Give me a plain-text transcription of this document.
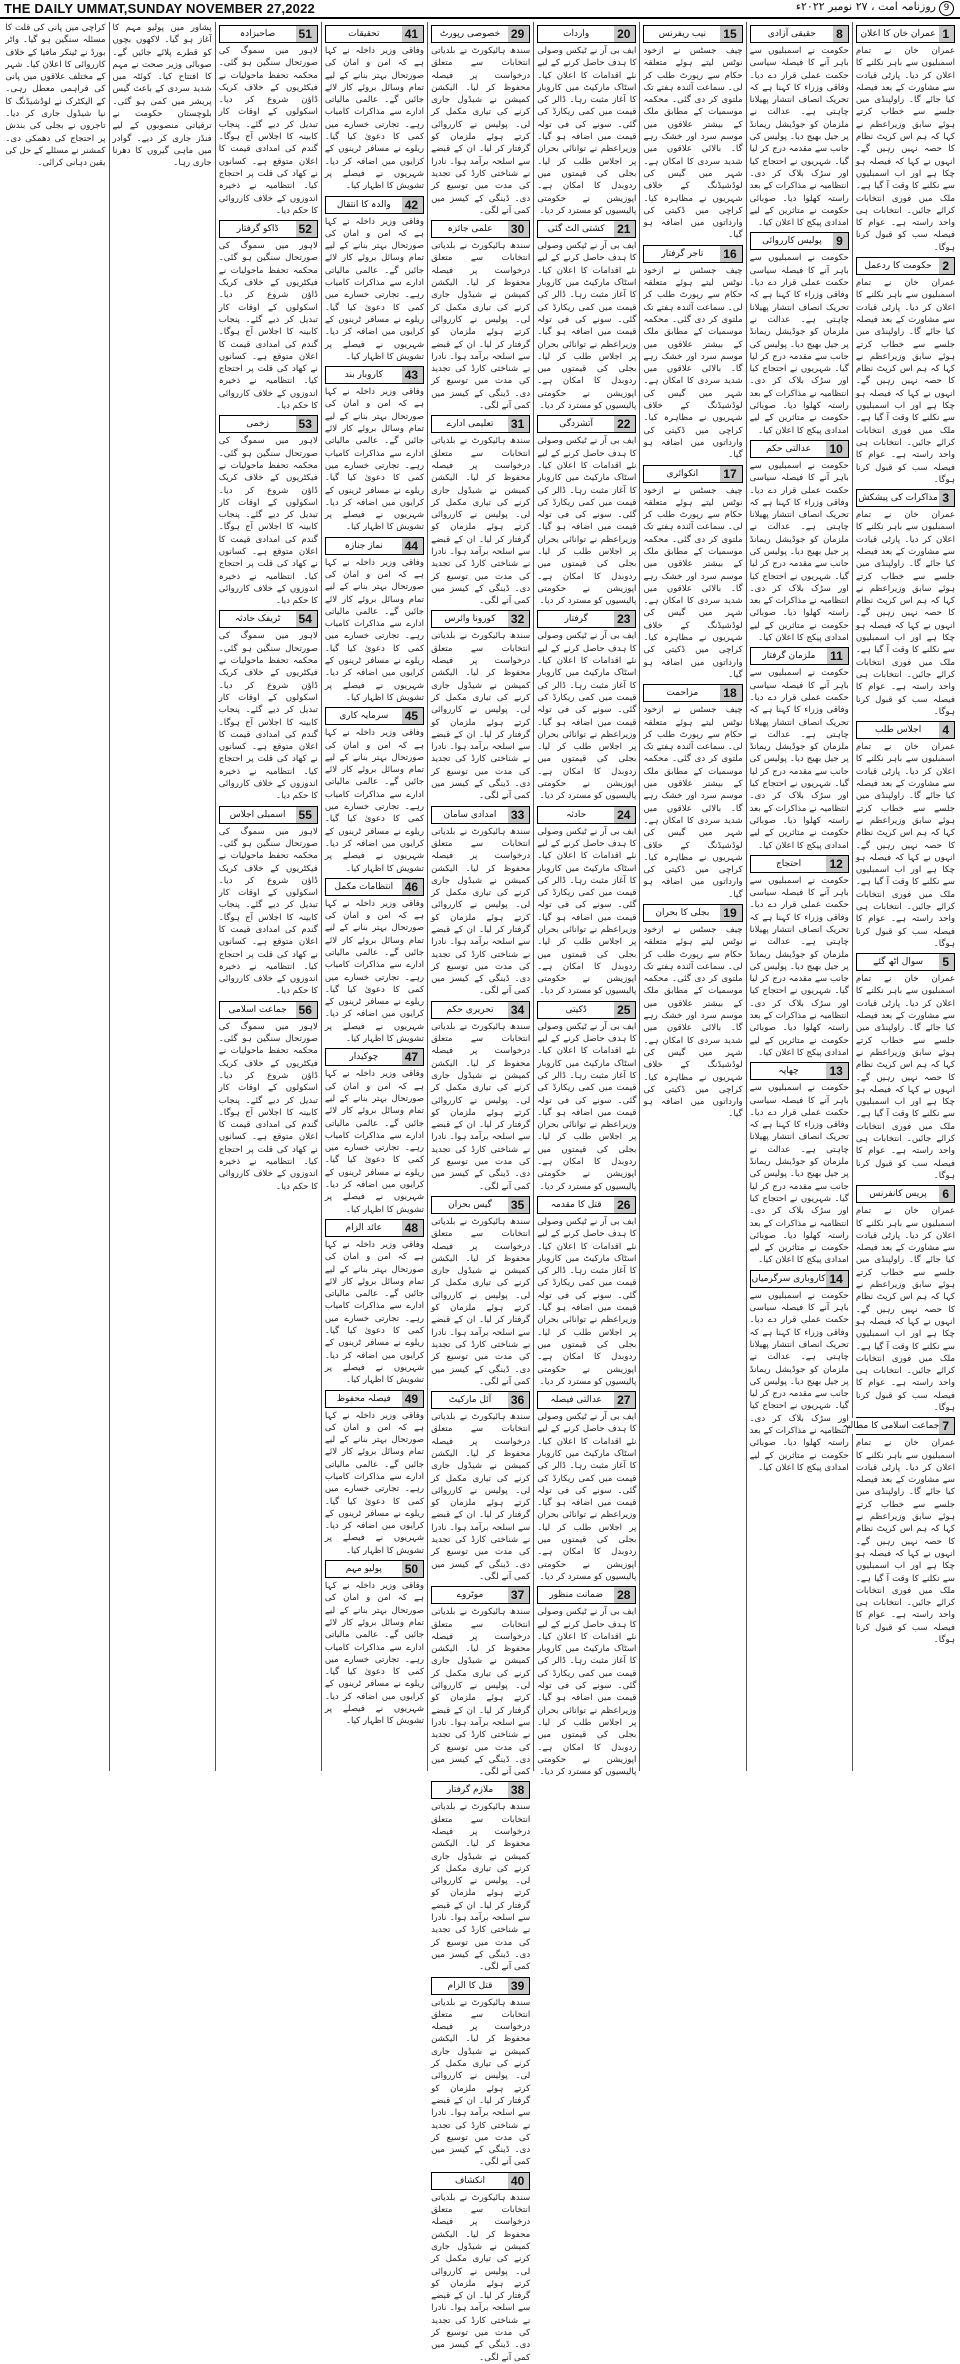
THE DAILY UMMAT,SUNDAY NOVEMBER 27,2022	9روزنامہ امت ، ۲۷ نومبر ۲۰۲۲ء
1
عمران خان کا اعلان
عمران خان نے تمام اسمبلیوں سے باہر نکلنے کا اعلان کر دیا۔ پارٹی قیادت سے مشاورت کے بعد فیصلہ کیا جائے گا۔ راولپنڈی میں جلسے سے خطاب کرتے ہوئے سابق وزیراعظم نے کہا کہ ہم اس کرپٹ نظام کا حصہ نہیں رہیں گے۔ انہوں نے کہا کہ فیصلہ ہو چکا ہے اور اب اسمبلیوں سے نکلنے کا وقت آ گیا ہے۔ ملک میں فوری انتخابات کرائے جائیں۔ انتخابات ہی واحد راستہ ہے۔ عوام کا فیصلہ سب کو قبول کرنا ہوگا۔
2
حکومت کا ردعمل
عمران خان نے تمام اسمبلیوں سے باہر نکلنے کا اعلان کر دیا۔ پارٹی قیادت سے مشاورت کے بعد فیصلہ کیا جائے گا۔ راولپنڈی میں جلسے سے خطاب کرتے ہوئے سابق وزیراعظم نے کہا کہ ہم اس کرپٹ نظام کا حصہ نہیں رہیں گے۔ انہوں نے کہا کہ فیصلہ ہو چکا ہے اور اب اسمبلیوں سے نکلنے کا وقت آ گیا ہے۔ ملک میں فوری انتخابات کرائے جائیں۔ انتخابات ہی واحد راستہ ہے۔ عوام کا فیصلہ سب کو قبول کرنا ہوگا۔
3
مذاکرات کی پیشکش
عمران خان نے تمام اسمبلیوں سے باہر نکلنے کا اعلان کر دیا۔ پارٹی قیادت سے مشاورت کے بعد فیصلہ کیا جائے گا۔ راولپنڈی میں جلسے سے خطاب کرتے ہوئے سابق وزیراعظم نے کہا کہ ہم اس کرپٹ نظام کا حصہ نہیں رہیں گے۔ انہوں نے کہا کہ فیصلہ ہو چکا ہے اور اب اسمبلیوں سے نکلنے کا وقت آ گیا ہے۔ ملک میں فوری انتخابات کرائے جائیں۔ انتخابات ہی واحد راستہ ہے۔ عوام کا فیصلہ سب کو قبول کرنا ہوگا۔
4
اجلاس طلب
عمران خان نے تمام اسمبلیوں سے باہر نکلنے کا اعلان کر دیا۔ پارٹی قیادت سے مشاورت کے بعد فیصلہ کیا جائے گا۔ راولپنڈی میں جلسے سے خطاب کرتے ہوئے سابق وزیراعظم نے کہا کہ ہم اس کرپٹ نظام کا حصہ نہیں رہیں گے۔ انہوں نے کہا کہ فیصلہ ہو چکا ہے اور اب اسمبلیوں سے نکلنے کا وقت آ گیا ہے۔ ملک میں فوری انتخابات کرائے جائیں۔ انتخابات ہی واحد راستہ ہے۔ عوام کا فیصلہ سب کو قبول کرنا ہوگا۔
5
سوال اٹھ گئے
عمران خان نے تمام اسمبلیوں سے باہر نکلنے کا اعلان کر دیا۔ پارٹی قیادت سے مشاورت کے بعد فیصلہ کیا جائے گا۔ راولپنڈی میں جلسے سے خطاب کرتے ہوئے سابق وزیراعظم نے کہا کہ ہم اس کرپٹ نظام کا حصہ نہیں رہیں گے۔ انہوں نے کہا کہ فیصلہ ہو چکا ہے اور اب اسمبلیوں سے نکلنے کا وقت آ گیا ہے۔ ملک میں فوری انتخابات کرائے جائیں۔ انتخابات ہی واحد راستہ ہے۔ عوام کا فیصلہ سب کو قبول کرنا ہوگا۔
6
پریس کانفرنس
عمران خان نے تمام اسمبلیوں سے باہر نکلنے کا اعلان کر دیا۔ پارٹی قیادت سے مشاورت کے بعد فیصلہ کیا جائے گا۔ راولپنڈی میں جلسے سے خطاب کرتے ہوئے سابق وزیراعظم نے کہا کہ ہم اس کرپٹ نظام کا حصہ نہیں رہیں گے۔ انہوں نے کہا کہ فیصلہ ہو چکا ہے اور اب اسمبلیوں سے نکلنے کا وقت آ گیا ہے۔ ملک میں فوری انتخابات کرائے جائیں۔ انتخابات ہی واحد راستہ ہے۔ عوام کا فیصلہ سب کو قبول کرنا ہوگا۔
7
جماعت اسلامی کا مطالبہ
عمران خان نے تمام اسمبلیوں سے باہر نکلنے کا اعلان کر دیا۔ پارٹی قیادت سے مشاورت کے بعد فیصلہ کیا جائے گا۔ راولپنڈی میں جلسے سے خطاب کرتے ہوئے سابق وزیراعظم نے کہا کہ ہم اس کرپٹ نظام کا حصہ نہیں رہیں گے۔ انہوں نے کہا کہ فیصلہ ہو چکا ہے اور اب اسمبلیوں سے نکلنے کا وقت آ گیا ہے۔ ملک میں فوری انتخابات کرائے جائیں۔ انتخابات ہی واحد راستہ ہے۔ عوام کا فیصلہ سب کو قبول کرنا ہوگا۔
8
حقیقی آزادی
حکومت نے اسمبلیوں سے باہر آنے کا فیصلہ سیاسی حکمت عملی قرار دے دیا۔ وفاقی وزراء کا کہنا ہے کہ تحریک انصاف انتشار پھیلانا چاہتی ہے۔ عدالت نے ملزمان کو جوڈیشل ریمانڈ پر جیل بھیج دیا۔ پولیس کی جانب سے مقدمہ درج کر لیا گیا۔ شہریوں نے احتجاج کیا اور سڑک بلاک کر دی۔ انتظامیہ نے مذاکرات کے بعد راستہ کھلوا دیا۔ صوبائی حکومت نے متاثرین کے لیے امدادی پیکج کا اعلان کیا۔
9
پولیس کارروائی
حکومت نے اسمبلیوں سے باہر آنے کا فیصلہ سیاسی حکمت عملی قرار دے دیا۔ وفاقی وزراء کا کہنا ہے کہ تحریک انصاف انتشار پھیلانا چاہتی ہے۔ عدالت نے ملزمان کو جوڈیشل ریمانڈ پر جیل بھیج دیا۔ پولیس کی جانب سے مقدمہ درج کر لیا گیا۔ شہریوں نے احتجاج کیا اور سڑک بلاک کر دی۔ انتظامیہ نے مذاکرات کے بعد راستہ کھلوا دیا۔ صوبائی حکومت نے متاثرین کے لیے امدادی پیکج کا اعلان کیا۔
10
عدالتی حکم
حکومت نے اسمبلیوں سے باہر آنے کا فیصلہ سیاسی حکمت عملی قرار دے دیا۔ وفاقی وزراء کا کہنا ہے کہ تحریک انصاف انتشار پھیلانا چاہتی ہے۔ عدالت نے ملزمان کو جوڈیشل ریمانڈ پر جیل بھیج دیا۔ پولیس کی جانب سے مقدمہ درج کر لیا گیا۔ شہریوں نے احتجاج کیا اور سڑک بلاک کر دی۔ انتظامیہ نے مذاکرات کے بعد راستہ کھلوا دیا۔ صوبائی حکومت نے متاثرین کے لیے امدادی پیکج کا اعلان کیا۔
11
ملزمان گرفتار
حکومت نے اسمبلیوں سے باہر آنے کا فیصلہ سیاسی حکمت عملی قرار دے دیا۔ وفاقی وزراء کا کہنا ہے کہ تحریک انصاف انتشار پھیلانا چاہتی ہے۔ عدالت نے ملزمان کو جوڈیشل ریمانڈ پر جیل بھیج دیا۔ پولیس کی جانب سے مقدمہ درج کر لیا گیا۔ شہریوں نے احتجاج کیا اور سڑک بلاک کر دی۔ انتظامیہ نے مذاکرات کے بعد راستہ کھلوا دیا۔ صوبائی حکومت نے متاثرین کے لیے امدادی پیکج کا اعلان کیا۔
12
احتجاج
حکومت نے اسمبلیوں سے باہر آنے کا فیصلہ سیاسی حکمت عملی قرار دے دیا۔ وفاقی وزراء کا کہنا ہے کہ تحریک انصاف انتشار پھیلانا چاہتی ہے۔ عدالت نے ملزمان کو جوڈیشل ریمانڈ پر جیل بھیج دیا۔ پولیس کی جانب سے مقدمہ درج کر لیا گیا۔ شہریوں نے احتجاج کیا اور سڑک بلاک کر دی۔ انتظامیہ نے مذاکرات کے بعد راستہ کھلوا دیا۔ صوبائی حکومت نے متاثرین کے لیے امدادی پیکج کا اعلان کیا۔
13
چھاپہ
حکومت نے اسمبلیوں سے باہر آنے کا فیصلہ سیاسی حکمت عملی قرار دے دیا۔ وفاقی وزراء کا کہنا ہے کہ تحریک انصاف انتشار پھیلانا چاہتی ہے۔ عدالت نے ملزمان کو جوڈیشل ریمانڈ پر جیل بھیج دیا۔ پولیس کی جانب سے مقدمہ درج کر لیا گیا۔ شہریوں نے احتجاج کیا اور سڑک بلاک کر دی۔ انتظامیہ نے مذاکرات کے بعد راستہ کھلوا دیا۔ صوبائی حکومت نے متاثرین کے لیے امدادی پیکج کا اعلان کیا۔
14
کاروباری سرگرمیاں
حکومت نے اسمبلیوں سے باہر آنے کا فیصلہ سیاسی حکمت عملی قرار دے دیا۔ وفاقی وزراء کا کہنا ہے کہ تحریک انصاف انتشار پھیلانا چاہتی ہے۔ عدالت نے ملزمان کو جوڈیشل ریمانڈ پر جیل بھیج دیا۔ پولیس کی جانب سے مقدمہ درج کر لیا گیا۔ شہریوں نے احتجاج کیا اور سڑک بلاک کر دی۔ انتظامیہ نے مذاکرات کے بعد راستہ کھلوا دیا۔ صوبائی حکومت نے متاثرین کے لیے امدادی پیکج کا اعلان کیا۔
15
نیب ریفرنس
چیف جسٹس نے ازخود نوٹس لیتے ہوئے متعلقہ حکام سے رپورٹ طلب کر لی۔ سماعت آئندہ ہفتے تک ملتوی کر دی گئی۔ محکمہ موسمیات کے مطابق ملک کے بیشتر علاقوں میں موسم سرد اور خشک رہے گا۔ بالائی علاقوں میں شدید سردی کا امکان ہے۔ شہر میں گیس کی لوڈشیڈنگ کے خلاف شہریوں نے مظاہرہ کیا۔ کراچی میں ڈکیتی کی وارداتوں میں اضافہ ہو گیا۔
16
تاجر گرفتار
چیف جسٹس نے ازخود نوٹس لیتے ہوئے متعلقہ حکام سے رپورٹ طلب کر لی۔ سماعت آئندہ ہفتے تک ملتوی کر دی گئی۔ محکمہ موسمیات کے مطابق ملک کے بیشتر علاقوں میں موسم سرد اور خشک رہے گا۔ بالائی علاقوں میں شدید سردی کا امکان ہے۔ شہر میں گیس کی لوڈشیڈنگ کے خلاف شہریوں نے مظاہرہ کیا۔ کراچی میں ڈکیتی کی وارداتوں میں اضافہ ہو گیا۔
17
انکوائری
چیف جسٹس نے ازخود نوٹس لیتے ہوئے متعلقہ حکام سے رپورٹ طلب کر لی۔ سماعت آئندہ ہفتے تک ملتوی کر دی گئی۔ محکمہ موسمیات کے مطابق ملک کے بیشتر علاقوں میں موسم سرد اور خشک رہے گا۔ بالائی علاقوں میں شدید سردی کا امکان ہے۔ شہر میں گیس کی لوڈشیڈنگ کے خلاف شہریوں نے مظاہرہ کیا۔ کراچی میں ڈکیتی کی وارداتوں میں اضافہ ہو گیا۔
18
مزاحمت
چیف جسٹس نے ازخود نوٹس لیتے ہوئے متعلقہ حکام سے رپورٹ طلب کر لی۔ سماعت آئندہ ہفتے تک ملتوی کر دی گئی۔ محکمہ موسمیات کے مطابق ملک کے بیشتر علاقوں میں موسم سرد اور خشک رہے گا۔ بالائی علاقوں میں شدید سردی کا امکان ہے۔ شہر میں گیس کی لوڈشیڈنگ کے خلاف شہریوں نے مظاہرہ کیا۔ کراچی میں ڈکیتی کی وارداتوں میں اضافہ ہو گیا۔
19
بجلی کا بحران
چیف جسٹس نے ازخود نوٹس لیتے ہوئے متعلقہ حکام سے رپورٹ طلب کر لی۔ سماعت آئندہ ہفتے تک ملتوی کر دی گئی۔ محکمہ موسمیات کے مطابق ملک کے بیشتر علاقوں میں موسم سرد اور خشک رہے گا۔ بالائی علاقوں میں شدید سردی کا امکان ہے۔ شہر میں گیس کی لوڈشیڈنگ کے خلاف شہریوں نے مظاہرہ کیا۔ کراچی میں ڈکیتی کی وارداتوں میں اضافہ ہو گیا۔
20
واردات
ایف بی آر نے ٹیکس وصولی کا ہدف حاصل کرنے کے لیے نئے اقدامات کا اعلان کیا۔ اسٹاک مارکیٹ میں کاروبار کا آغاز مثبت رہا۔ ڈالر کی قیمت میں کمی ریکارڈ کی گئی۔ سونے کی فی تولہ قیمت میں اضافہ ہو گیا۔ وزیراعظم نے توانائی بحران پر اجلاس طلب کر لیا۔ بجلی کی قیمتوں میں ردوبدل کا امکان ہے۔ اپوزیشن نے حکومتی پالیسیوں کو مسترد کر دیا۔
21
کشتی الٹ گئی
ایف بی آر نے ٹیکس وصولی کا ہدف حاصل کرنے کے لیے نئے اقدامات کا اعلان کیا۔ اسٹاک مارکیٹ میں کاروبار کا آغاز مثبت رہا۔ ڈالر کی قیمت میں کمی ریکارڈ کی گئی۔ سونے کی فی تولہ قیمت میں اضافہ ہو گیا۔ وزیراعظم نے توانائی بحران پر اجلاس طلب کر لیا۔ بجلی کی قیمتوں میں ردوبدل کا امکان ہے۔ اپوزیشن نے حکومتی پالیسیوں کو مسترد کر دیا۔
22
آتشزدگی
ایف بی آر نے ٹیکس وصولی کا ہدف حاصل کرنے کے لیے نئے اقدامات کا اعلان کیا۔ اسٹاک مارکیٹ میں کاروبار کا آغاز مثبت رہا۔ ڈالر کی قیمت میں کمی ریکارڈ کی گئی۔ سونے کی فی تولہ قیمت میں اضافہ ہو گیا۔ وزیراعظم نے توانائی بحران پر اجلاس طلب کر لیا۔ بجلی کی قیمتوں میں ردوبدل کا امکان ہے۔ اپوزیشن نے حکومتی پالیسیوں کو مسترد کر دیا۔
23
گرفتار
ایف بی آر نے ٹیکس وصولی کا ہدف حاصل کرنے کے لیے نئے اقدامات کا اعلان کیا۔ اسٹاک مارکیٹ میں کاروبار کا آغاز مثبت رہا۔ ڈالر کی قیمت میں کمی ریکارڈ کی گئی۔ سونے کی فی تولہ قیمت میں اضافہ ہو گیا۔ وزیراعظم نے توانائی بحران پر اجلاس طلب کر لیا۔ بجلی کی قیمتوں میں ردوبدل کا امکان ہے۔ اپوزیشن نے حکومتی پالیسیوں کو مسترد کر دیا۔
24
حادثہ
ایف بی آر نے ٹیکس وصولی کا ہدف حاصل کرنے کے لیے نئے اقدامات کا اعلان کیا۔ اسٹاک مارکیٹ میں کاروبار کا آغاز مثبت رہا۔ ڈالر کی قیمت میں کمی ریکارڈ کی گئی۔ سونے کی فی تولہ قیمت میں اضافہ ہو گیا۔ وزیراعظم نے توانائی بحران پر اجلاس طلب کر لیا۔ بجلی کی قیمتوں میں ردوبدل کا امکان ہے۔ اپوزیشن نے حکومتی پالیسیوں کو مسترد کر دیا۔
25
ڈکیتی
ایف بی آر نے ٹیکس وصولی کا ہدف حاصل کرنے کے لیے نئے اقدامات کا اعلان کیا۔ اسٹاک مارکیٹ میں کاروبار کا آغاز مثبت رہا۔ ڈالر کی قیمت میں کمی ریکارڈ کی گئی۔ سونے کی فی تولہ قیمت میں اضافہ ہو گیا۔ وزیراعظم نے توانائی بحران پر اجلاس طلب کر لیا۔ بجلی کی قیمتوں میں ردوبدل کا امکان ہے۔ اپوزیشن نے حکومتی پالیسیوں کو مسترد کر دیا۔
26
قتل کا مقدمہ
ایف بی آر نے ٹیکس وصولی کا ہدف حاصل کرنے کے لیے نئے اقدامات کا اعلان کیا۔ اسٹاک مارکیٹ میں کاروبار کا آغاز مثبت رہا۔ ڈالر کی قیمت میں کمی ریکارڈ کی گئی۔ سونے کی فی تولہ قیمت میں اضافہ ہو گیا۔ وزیراعظم نے توانائی بحران پر اجلاس طلب کر لیا۔ بجلی کی قیمتوں میں ردوبدل کا امکان ہے۔ اپوزیشن نے حکومتی پالیسیوں کو مسترد کر دیا۔
27
عدالتی فیصلہ
ایف بی آر نے ٹیکس وصولی کا ہدف حاصل کرنے کے لیے نئے اقدامات کا اعلان کیا۔ اسٹاک مارکیٹ میں کاروبار کا آغاز مثبت رہا۔ ڈالر کی قیمت میں کمی ریکارڈ کی گئی۔ سونے کی فی تولہ قیمت میں اضافہ ہو گیا۔ وزیراعظم نے توانائی بحران پر اجلاس طلب کر لیا۔ بجلی کی قیمتوں میں ردوبدل کا امکان ہے۔ اپوزیشن نے حکومتی پالیسیوں کو مسترد کر دیا۔
28
ضمانت منظور
ایف بی آر نے ٹیکس وصولی کا ہدف حاصل کرنے کے لیے نئے اقدامات کا اعلان کیا۔ اسٹاک مارکیٹ میں کاروبار کا آغاز مثبت رہا۔ ڈالر کی قیمت میں کمی ریکارڈ کی گئی۔ سونے کی فی تولہ قیمت میں اضافہ ہو گیا۔ وزیراعظم نے توانائی بحران پر اجلاس طلب کر لیا۔ بجلی کی قیمتوں میں ردوبدل کا امکان ہے۔ اپوزیشن نے حکومتی پالیسیوں کو مسترد کر دیا۔
29
خصوصی رپورٹ
سندھ ہائیکورٹ نے بلدیاتی انتخابات سے متعلق درخواست پر فیصلہ محفوظ کر لیا۔ الیکشن کمیشن نے شیڈول جاری کرنے کی تیاری مکمل کر لی۔ پولیس نے کارروائی کرتے ہوئے ملزمان کو گرفتار کر لیا۔ ان کے قبضے سے اسلحہ برآمد ہوا۔ نادرا نے شناختی کارڈ کی تجدید کی مدت میں توسیع کر دی۔ ڈینگی کے کیسز میں کمی آنے لگی۔
30
علمی جائزہ
سندھ ہائیکورٹ نے بلدیاتی انتخابات سے متعلق درخواست پر فیصلہ محفوظ کر لیا۔ الیکشن کمیشن نے شیڈول جاری کرنے کی تیاری مکمل کر لی۔ پولیس نے کارروائی کرتے ہوئے ملزمان کو گرفتار کر لیا۔ ان کے قبضے سے اسلحہ برآمد ہوا۔ نادرا نے شناختی کارڈ کی تجدید کی مدت میں توسیع کر دی۔ ڈینگی کے کیسز میں کمی آنے لگی۔
31
تعلیمی ادارے
سندھ ہائیکورٹ نے بلدیاتی انتخابات سے متعلق درخواست پر فیصلہ محفوظ کر لیا۔ الیکشن کمیشن نے شیڈول جاری کرنے کی تیاری مکمل کر لی۔ پولیس نے کارروائی کرتے ہوئے ملزمان کو گرفتار کر لیا۔ ان کے قبضے سے اسلحہ برآمد ہوا۔ نادرا نے شناختی کارڈ کی تجدید کی مدت میں توسیع کر دی۔ ڈینگی کے کیسز میں کمی آنے لگی۔
32
کورونا وائرس
سندھ ہائیکورٹ نے بلدیاتی انتخابات سے متعلق درخواست پر فیصلہ محفوظ کر لیا۔ الیکشن کمیشن نے شیڈول جاری کرنے کی تیاری مکمل کر لی۔ پولیس نے کارروائی کرتے ہوئے ملزمان کو گرفتار کر لیا۔ ان کے قبضے سے اسلحہ برآمد ہوا۔ نادرا نے شناختی کارڈ کی تجدید کی مدت میں توسیع کر دی۔ ڈینگی کے کیسز میں کمی آنے لگی۔
33
امدادی سامان
سندھ ہائیکورٹ نے بلدیاتی انتخابات سے متعلق درخواست پر فیصلہ محفوظ کر لیا۔ الیکشن کمیشن نے شیڈول جاری کرنے کی تیاری مکمل کر لی۔ پولیس نے کارروائی کرتے ہوئے ملزمان کو گرفتار کر لیا۔ ان کے قبضے سے اسلحہ برآمد ہوا۔ نادرا نے شناختی کارڈ کی تجدید کی مدت میں توسیع کر دی۔ ڈینگی کے کیسز میں کمی آنے لگی۔
34
تحریری حکم
سندھ ہائیکورٹ نے بلدیاتی انتخابات سے متعلق درخواست پر فیصلہ محفوظ کر لیا۔ الیکشن کمیشن نے شیڈول جاری کرنے کی تیاری مکمل کر لی۔ پولیس نے کارروائی کرتے ہوئے ملزمان کو گرفتار کر لیا۔ ان کے قبضے سے اسلحہ برآمد ہوا۔ نادرا نے شناختی کارڈ کی تجدید کی مدت میں توسیع کر دی۔ ڈینگی کے کیسز میں کمی آنے لگی۔
35
گیس بحران
سندھ ہائیکورٹ نے بلدیاتی انتخابات سے متعلق درخواست پر فیصلہ محفوظ کر لیا۔ الیکشن کمیشن نے شیڈول جاری کرنے کی تیاری مکمل کر لی۔ پولیس نے کارروائی کرتے ہوئے ملزمان کو گرفتار کر لیا۔ ان کے قبضے سے اسلحہ برآمد ہوا۔ نادرا نے شناختی کارڈ کی تجدید کی مدت میں توسیع کر دی۔ ڈینگی کے کیسز میں کمی آنے لگی۔
36
آئل مارکیٹ
سندھ ہائیکورٹ نے بلدیاتی انتخابات سے متعلق درخواست پر فیصلہ محفوظ کر لیا۔ الیکشن کمیشن نے شیڈول جاری کرنے کی تیاری مکمل کر لی۔ پولیس نے کارروائی کرتے ہوئے ملزمان کو گرفتار کر لیا۔ ان کے قبضے سے اسلحہ برآمد ہوا۔ نادرا نے شناختی کارڈ کی تجدید کی مدت میں توسیع کر دی۔ ڈینگی کے کیسز میں کمی آنے لگی۔
37
موٹروے
سندھ ہائیکورٹ نے بلدیاتی انتخابات سے متعلق درخواست پر فیصلہ محفوظ کر لیا۔ الیکشن کمیشن نے شیڈول جاری کرنے کی تیاری مکمل کر لی۔ پولیس نے کارروائی کرتے ہوئے ملزمان کو گرفتار کر لیا۔ ان کے قبضے سے اسلحہ برآمد ہوا۔ نادرا نے شناختی کارڈ کی تجدید کی مدت میں توسیع کر دی۔ ڈینگی کے کیسز میں کمی آنے لگی۔
38
ملازم گرفتار
سندھ ہائیکورٹ نے بلدیاتی انتخابات سے متعلق درخواست پر فیصلہ محفوظ کر لیا۔ الیکشن کمیشن نے شیڈول جاری کرنے کی تیاری مکمل کر لی۔ پولیس نے کارروائی کرتے ہوئے ملزمان کو گرفتار کر لیا۔ ان کے قبضے سے اسلحہ برآمد ہوا۔ نادرا نے شناختی کارڈ کی تجدید کی مدت میں توسیع کر دی۔ ڈینگی کے کیسز میں کمی آنے لگی۔
39
قتل کا الزام
سندھ ہائیکورٹ نے بلدیاتی انتخابات سے متعلق درخواست پر فیصلہ محفوظ کر لیا۔ الیکشن کمیشن نے شیڈول جاری کرنے کی تیاری مکمل کر لی۔ پولیس نے کارروائی کرتے ہوئے ملزمان کو گرفتار کر لیا۔ ان کے قبضے سے اسلحہ برآمد ہوا۔ نادرا نے شناختی کارڈ کی تجدید کی مدت میں توسیع کر دی۔ ڈینگی کے کیسز میں کمی آنے لگی۔
40
انکشاف
سندھ ہائیکورٹ نے بلدیاتی انتخابات سے متعلق درخواست پر فیصلہ محفوظ کر لیا۔ الیکشن کمیشن نے شیڈول جاری کرنے کی تیاری مکمل کر لی۔ پولیس نے کارروائی کرتے ہوئے ملزمان کو گرفتار کر لیا۔ ان کے قبضے سے اسلحہ برآمد ہوا۔ نادرا نے شناختی کارڈ کی تجدید کی مدت میں توسیع کر دی۔ ڈینگی کے کیسز میں کمی آنے لگی۔
41
تحقیقات
وفاقی وزیر داخلہ نے کہا ہے کہ امن و امان کی صورتحال بہتر بنانے کے لیے تمام وسائل بروئے کار لائے جائیں گے۔ عالمی مالیاتی ادارے سے مذاکرات کامیاب رہے۔ تجارتی خسارے میں کمی کا دعویٰ کیا گیا۔ ریلوے نے مسافر ٹرینوں کے کرایوں میں اضافہ کر دیا۔ شہریوں نے فیصلے پر تشویش کا اظہار کیا۔
42
والدہ کا انتقال
وفاقی وزیر داخلہ نے کہا ہے کہ امن و امان کی صورتحال بہتر بنانے کے لیے تمام وسائل بروئے کار لائے جائیں گے۔ عالمی مالیاتی ادارے سے مذاکرات کامیاب رہے۔ تجارتی خسارے میں کمی کا دعویٰ کیا گیا۔ ریلوے نے مسافر ٹرینوں کے کرایوں میں اضافہ کر دیا۔ شہریوں نے فیصلے پر تشویش کا اظہار کیا۔
43
کاروبار بند
وفاقی وزیر داخلہ نے کہا ہے کہ امن و امان کی صورتحال بہتر بنانے کے لیے تمام وسائل بروئے کار لائے جائیں گے۔ عالمی مالیاتی ادارے سے مذاکرات کامیاب رہے۔ تجارتی خسارے میں کمی کا دعویٰ کیا گیا۔ ریلوے نے مسافر ٹرینوں کے کرایوں میں اضافہ کر دیا۔ شہریوں نے فیصلے پر تشویش کا اظہار کیا۔
44
نماز جنازہ
وفاقی وزیر داخلہ نے کہا ہے کہ امن و امان کی صورتحال بہتر بنانے کے لیے تمام وسائل بروئے کار لائے جائیں گے۔ عالمی مالیاتی ادارے سے مذاکرات کامیاب رہے۔ تجارتی خسارے میں کمی کا دعویٰ کیا گیا۔ ریلوے نے مسافر ٹرینوں کے کرایوں میں اضافہ کر دیا۔ شہریوں نے فیصلے پر تشویش کا اظہار کیا۔
45
سرمایہ کاری
وفاقی وزیر داخلہ نے کہا ہے کہ امن و امان کی صورتحال بہتر بنانے کے لیے تمام وسائل بروئے کار لائے جائیں گے۔ عالمی مالیاتی ادارے سے مذاکرات کامیاب رہے۔ تجارتی خسارے میں کمی کا دعویٰ کیا گیا۔ ریلوے نے مسافر ٹرینوں کے کرایوں میں اضافہ کر دیا۔ شہریوں نے فیصلے پر تشویش کا اظہار کیا۔
46
انتظامات مکمل
وفاقی وزیر داخلہ نے کہا ہے کہ امن و امان کی صورتحال بہتر بنانے کے لیے تمام وسائل بروئے کار لائے جائیں گے۔ عالمی مالیاتی ادارے سے مذاکرات کامیاب رہے۔ تجارتی خسارے میں کمی کا دعویٰ کیا گیا۔ ریلوے نے مسافر ٹرینوں کے کرایوں میں اضافہ کر دیا۔ شہریوں نے فیصلے پر تشویش کا اظہار کیا۔
47
چوکیدار
وفاقی وزیر داخلہ نے کہا ہے کہ امن و امان کی صورتحال بہتر بنانے کے لیے تمام وسائل بروئے کار لائے جائیں گے۔ عالمی مالیاتی ادارے سے مذاکرات کامیاب رہے۔ تجارتی خسارے میں کمی کا دعویٰ کیا گیا۔ ریلوے نے مسافر ٹرینوں کے کرایوں میں اضافہ کر دیا۔ شہریوں نے فیصلے پر تشویش کا اظہار کیا۔
48
عائد الزام
وفاقی وزیر داخلہ نے کہا ہے کہ امن و امان کی صورتحال بہتر بنانے کے لیے تمام وسائل بروئے کار لائے جائیں گے۔ عالمی مالیاتی ادارے سے مذاکرات کامیاب رہے۔ تجارتی خسارے میں کمی کا دعویٰ کیا گیا۔ ریلوے نے مسافر ٹرینوں کے کرایوں میں اضافہ کر دیا۔ شہریوں نے فیصلے پر تشویش کا اظہار کیا۔
49
فیصلہ محفوظ
وفاقی وزیر داخلہ نے کہا ہے کہ امن و امان کی صورتحال بہتر بنانے کے لیے تمام وسائل بروئے کار لائے جائیں گے۔ عالمی مالیاتی ادارے سے مذاکرات کامیاب رہے۔ تجارتی خسارے میں کمی کا دعویٰ کیا گیا۔ ریلوے نے مسافر ٹرینوں کے کرایوں میں اضافہ کر دیا۔ شہریوں نے فیصلے پر تشویش کا اظہار کیا۔
50
پولیو مہم
وفاقی وزیر داخلہ نے کہا ہے کہ امن و امان کی صورتحال بہتر بنانے کے لیے تمام وسائل بروئے کار لائے جائیں گے۔ عالمی مالیاتی ادارے سے مذاکرات کامیاب رہے۔ تجارتی خسارے میں کمی کا دعویٰ کیا گیا۔ ریلوے نے مسافر ٹرینوں کے کرایوں میں اضافہ کر دیا۔ شہریوں نے فیصلے پر تشویش کا اظہار کیا۔
51
صاحبزادہ
لاہور میں سموگ کی صورتحال سنگین ہو گئی۔ محکمہ تحفظ ماحولیات نے فیکٹریوں کے خلاف کریک ڈاؤن شروع کر دیا۔ اسکولوں کے اوقات کار تبدیل کر دیے گئے۔ پنجاب کابینہ کا اجلاس آج ہوگا۔ گندم کی امدادی قیمت کا اعلان متوقع ہے۔ کسانوں نے کھاد کی قلت پر احتجاج کیا۔ انتظامیہ نے ذخیرہ اندوزوں کے خلاف کارروائی کا حکم دیا۔
52
ڈاکو گرفتار
لاہور میں سموگ کی صورتحال سنگین ہو گئی۔ محکمہ تحفظ ماحولیات نے فیکٹریوں کے خلاف کریک ڈاؤن شروع کر دیا۔ اسکولوں کے اوقات کار تبدیل کر دیے گئے۔ پنجاب کابینہ کا اجلاس آج ہوگا۔ گندم کی امدادی قیمت کا اعلان متوقع ہے۔ کسانوں نے کھاد کی قلت پر احتجاج کیا۔ انتظامیہ نے ذخیرہ اندوزوں کے خلاف کارروائی کا حکم دیا۔
53
زخمی
لاہور میں سموگ کی صورتحال سنگین ہو گئی۔ محکمہ تحفظ ماحولیات نے فیکٹریوں کے خلاف کریک ڈاؤن شروع کر دیا۔ اسکولوں کے اوقات کار تبدیل کر دیے گئے۔ پنجاب کابینہ کا اجلاس آج ہوگا۔ گندم کی امدادی قیمت کا اعلان متوقع ہے۔ کسانوں نے کھاد کی قلت پر احتجاج کیا۔ انتظامیہ نے ذخیرہ اندوزوں کے خلاف کارروائی کا حکم دیا۔
54
ٹریفک حادثہ
لاہور میں سموگ کی صورتحال سنگین ہو گئی۔ محکمہ تحفظ ماحولیات نے فیکٹریوں کے خلاف کریک ڈاؤن شروع کر دیا۔ اسکولوں کے اوقات کار تبدیل کر دیے گئے۔ پنجاب کابینہ کا اجلاس آج ہوگا۔ گندم کی امدادی قیمت کا اعلان متوقع ہے۔ کسانوں نے کھاد کی قلت پر احتجاج کیا۔ انتظامیہ نے ذخیرہ اندوزوں کے خلاف کارروائی کا حکم دیا۔
55
اسمبلی اجلاس
لاہور میں سموگ کی صورتحال سنگین ہو گئی۔ محکمہ تحفظ ماحولیات نے فیکٹریوں کے خلاف کریک ڈاؤن شروع کر دیا۔ اسکولوں کے اوقات کار تبدیل کر دیے گئے۔ پنجاب کابینہ کا اجلاس آج ہوگا۔ گندم کی امدادی قیمت کا اعلان متوقع ہے۔ کسانوں نے کھاد کی قلت پر احتجاج کیا۔ انتظامیہ نے ذخیرہ اندوزوں کے خلاف کارروائی کا حکم دیا۔
56
جماعت اسلامی
لاہور میں سموگ کی صورتحال سنگین ہو گئی۔ محکمہ تحفظ ماحولیات نے فیکٹریوں کے خلاف کریک ڈاؤن شروع کر دیا۔ اسکولوں کے اوقات کار تبدیل کر دیے گئے۔ پنجاب کابینہ کا اجلاس آج ہوگا۔ گندم کی امدادی قیمت کا اعلان متوقع ہے۔ کسانوں نے کھاد کی قلت پر احتجاج کیا۔ انتظامیہ نے ذخیرہ اندوزوں کے خلاف کارروائی کا حکم دیا۔
پشاور میں پولیو مہم کا آغاز ہو گیا۔ لاکھوں بچوں کو قطرے پلائے جائیں گے۔ صوبائی وزیر صحت نے مہم کا افتتاح کیا۔ کوئٹہ میں شدید سردی کے باعث گیس پریشر میں کمی ہو گئی۔ بلوچستان حکومت نے ترقیاتی منصوبوں کے لیے فنڈز جاری کر دیے۔ گوادر میں ماہی گیروں کا دھرنا جاری رہا۔
کراچی میں پانی کی قلت کا مسئلہ سنگین ہو گیا۔ واٹر بورڈ نے ٹینکر مافیا کے خلاف کارروائی کا اعلان کیا۔ شہر کے مختلف علاقوں میں پانی کی فراہمی معطل رہی۔ کے الیکٹرک نے لوڈشیڈنگ کا نیا شیڈول جاری کر دیا۔ تاجروں نے بجلی کی بندش پر احتجاج کی دھمکی دی۔ کمشنر نے مسئلے کے حل کی یقین دہانی کرائی۔
